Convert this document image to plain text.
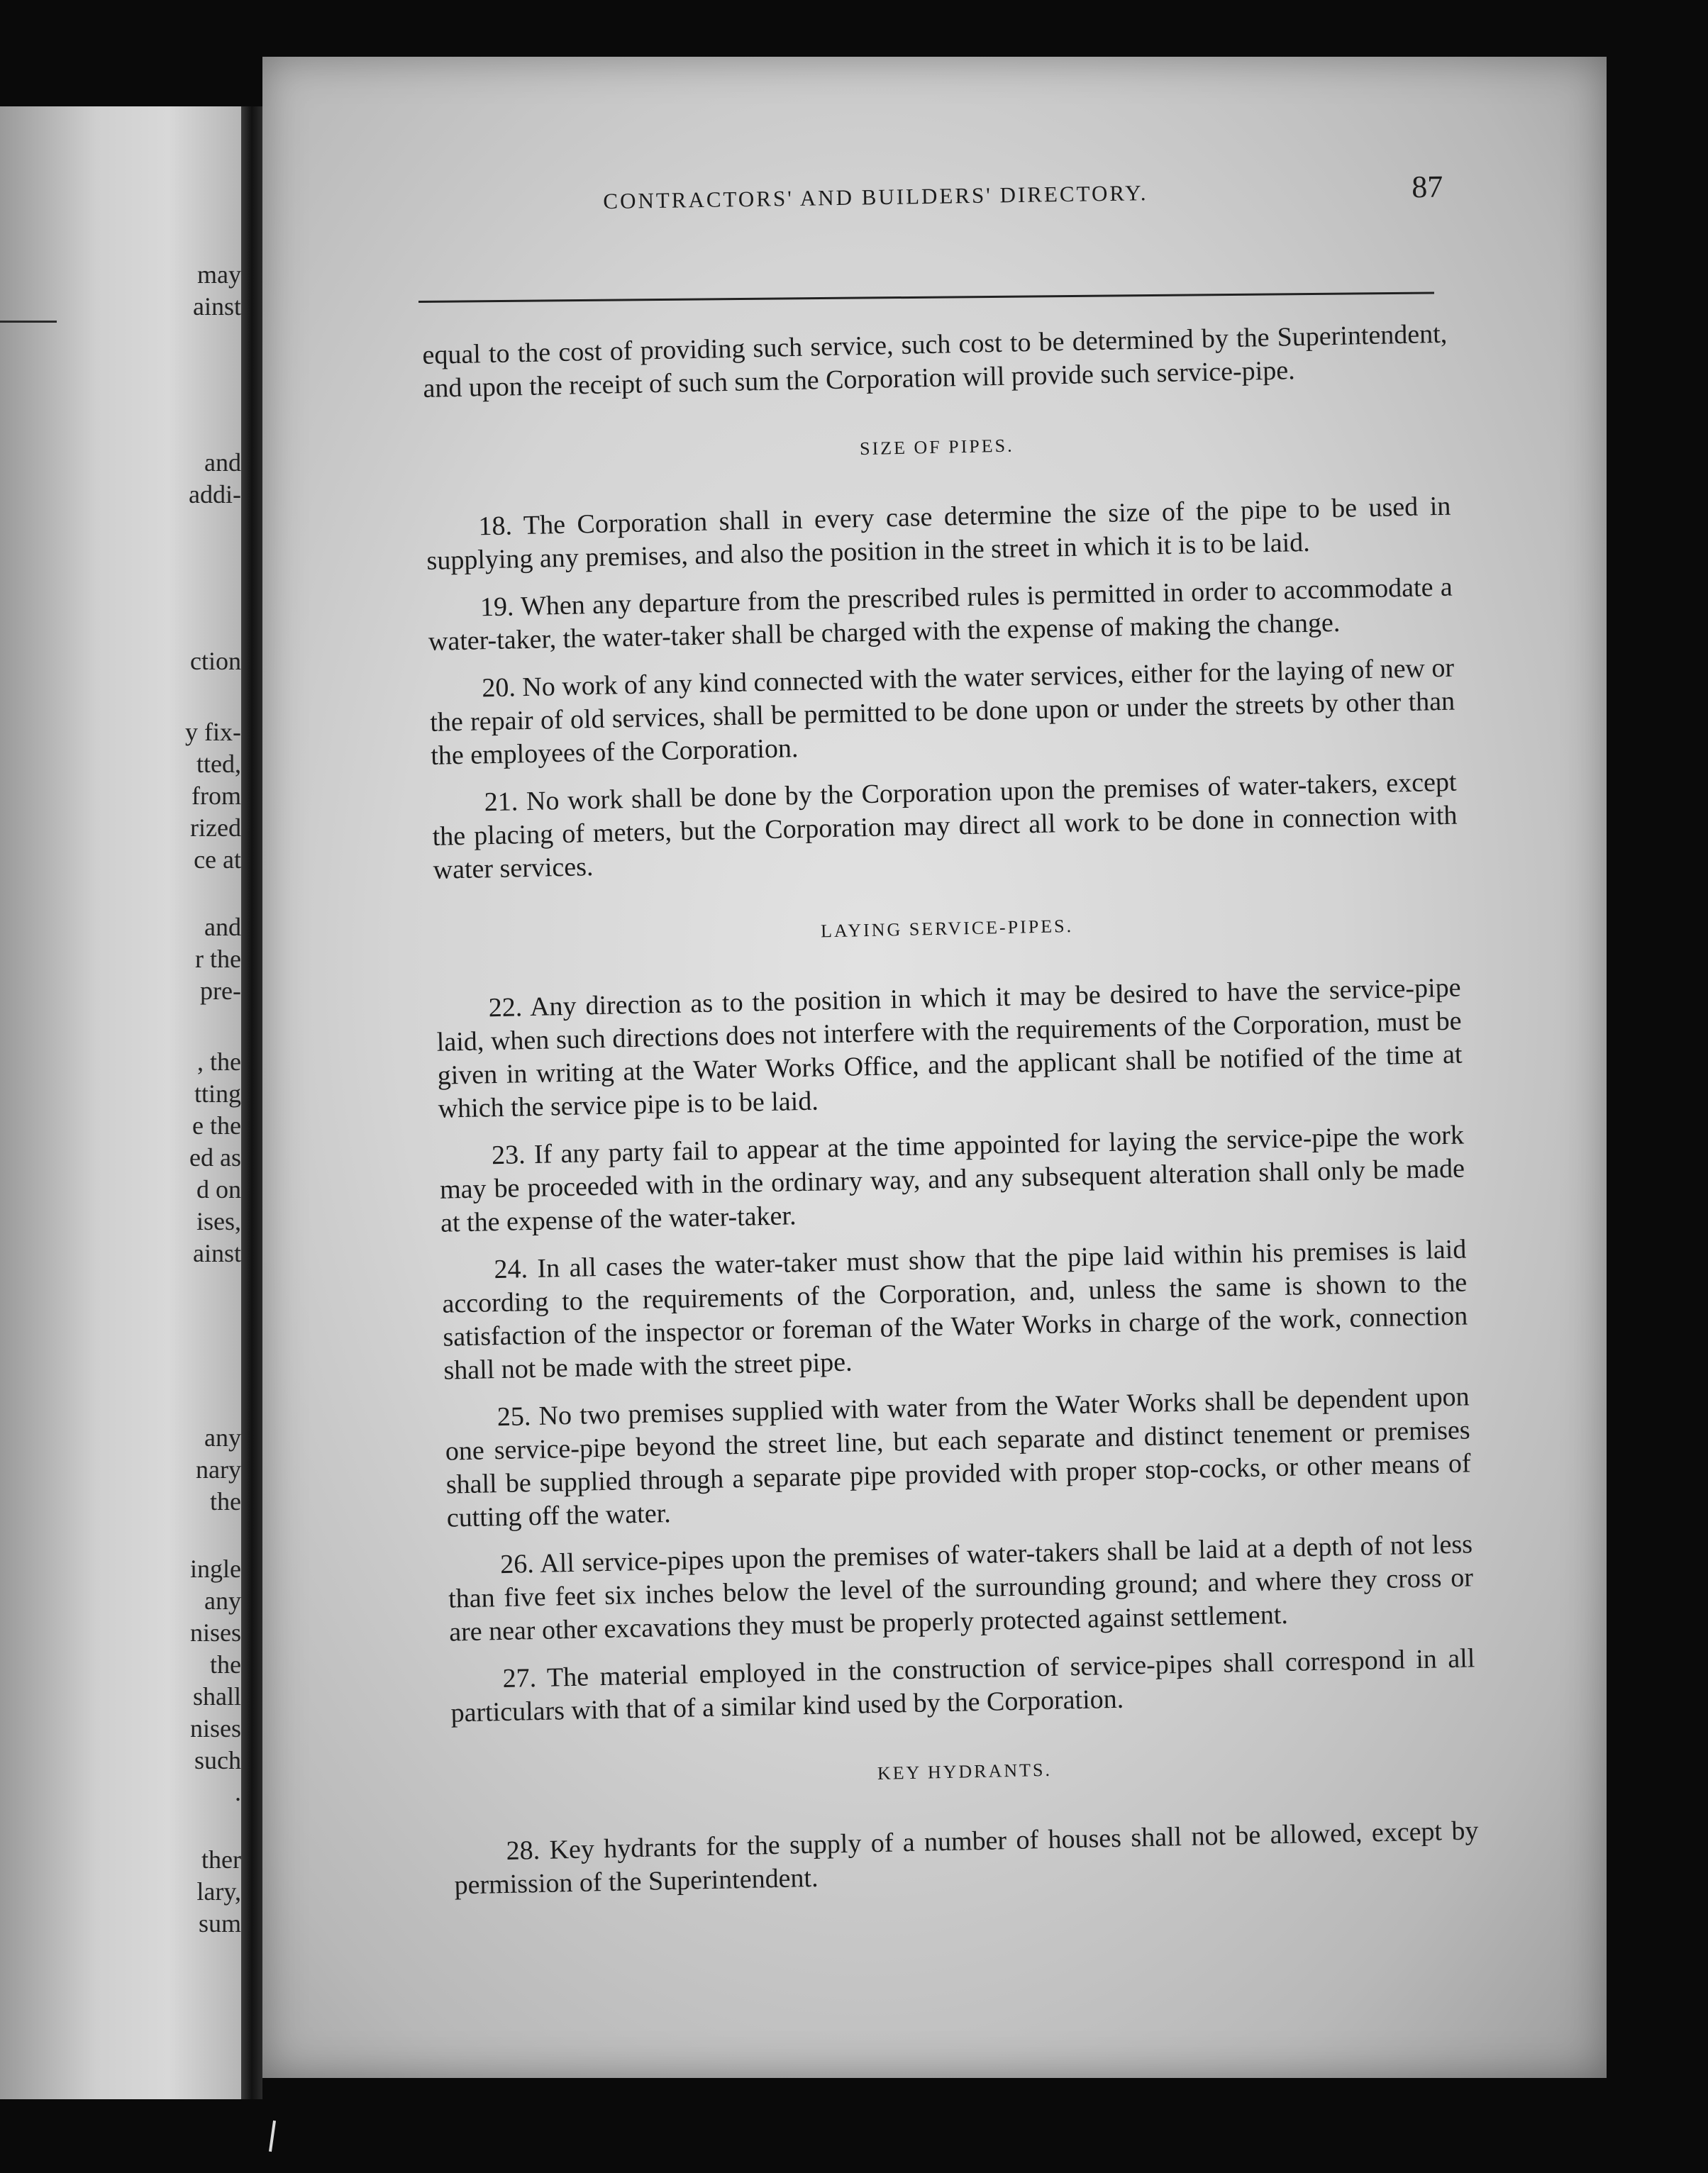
may
ainst
and
addi-
ction
y fix-
tted,
from
rized
ce at
and
r the
pre-
, the
tting
e the
ed as
d on
ises,
ainst
any
nary
the
ingle
any
nises
the
shall
nises
such
.
ther
lary,
sum
CONTRACTORS' AND BUILDERS' DIRECTORY.	87

equal to the cost of providing such service, such cost to be determined by the Superintendent, and upon the receipt of such sum the Corporation will provide such service-pipe.

SIZE OF PIPES.

18. The Corporation shall in every case determine the size of the pipe to be used in supplying any premises, and also the position in the street in which it is to be laid.

19. When any departure from the prescribed rules is permitted in order to accommodate a water-taker, the water-taker shall be charged with the expense of making the change.

20. No work of any kind connected with the water services, either for the laying of new or the repair of old services, shall be permitted to be done upon or under the streets by other than the employees of the Corporation.

21. No work shall be done by the Corporation upon the premises of water-takers, except the placing of meters, but the Corporation may direct all work to be done in connection with water services.

LAYING SERVICE-PIPES.

22. Any direction as to the position in which it may be desired to have the service-pipe laid, when such directions does not interfere with the requirements of the Corporation, must be given in writing at the Water Works Office, and the applicant shall be notified of the time at which the service pipe is to be laid.

23. If any party fail to appear at the time appointed for laying the service-pipe the work may be proceeded with in the ordinary way, and any subsequent alteration shall only be made at the expense of the water-taker.

24. In all cases the water-taker must show that the pipe laid within his premises is laid according to the requirements of the Corporation, and, unless the same is shown to the satisfaction of the inspector or foreman of the Water Works in charge of the work, connection shall not be made with the street pipe.

25. No two premises supplied with water from the Water Works shall be dependent upon one service-pipe beyond the street line, but each separate and distinct tenement or premises shall be supplied through a separate pipe provided with proper stop-cocks, or other means of cutting off the water.

26. All service-pipes upon the premises of water-takers shall be laid at a depth of not less than five feet six inches below the level of the surrounding ground; and where they cross or are near other excavations they must be properly protected against settlement.

27. The material employed in the construction of service-pipes shall correspond in all particulars with that of a similar kind used by the Corporation.

KEY HYDRANTS.

28. Key hydrants for the supply of a number of houses shall not be allowed, except by permission of the Superintendent.
